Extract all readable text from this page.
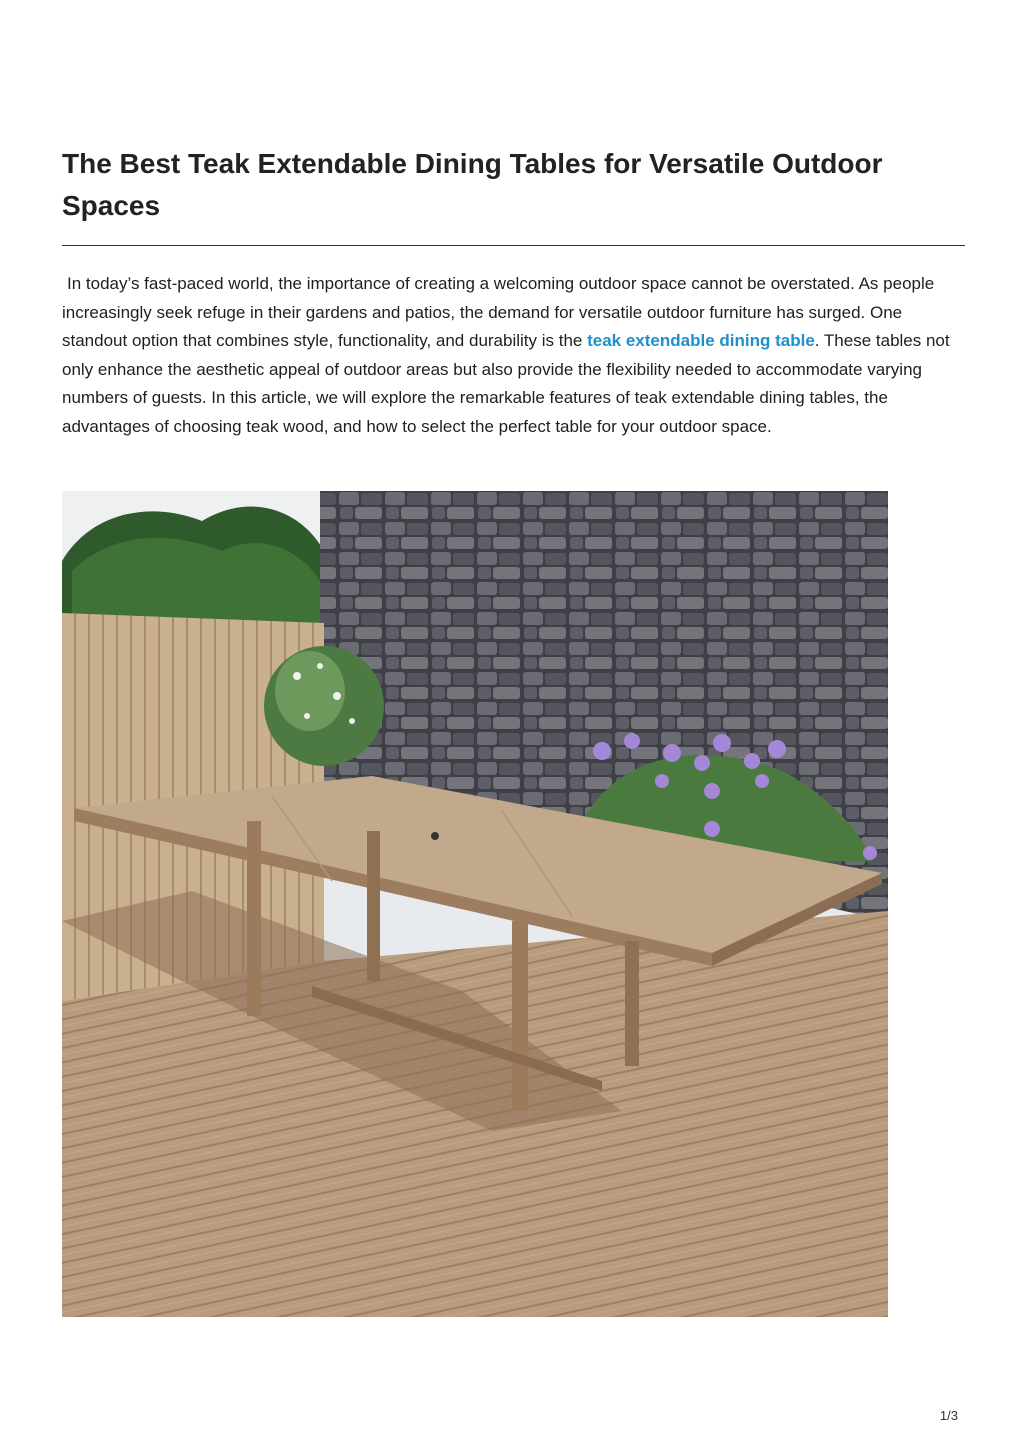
The Best Teak Extendable Dining Tables for Versatile Outdoor Spaces

In today’s fast-paced world, the importance of creating a welcoming outdoor space cannot be overstated. As people increasingly seek refuge in their gardens and patios, the demand for versatile outdoor furniture has surged. One standout option that combines style, functionality, and durability is the teak extendable dining table. These tables not only enhance the aesthetic appeal of outdoor areas but also provide the flexibility needed to accommodate varying numbers of guests. In this article, we will explore the remarkable features of teak extendable dining tables, the advantages of choosing teak wood, and how to select the perfect table for your outdoor space.

1/3
